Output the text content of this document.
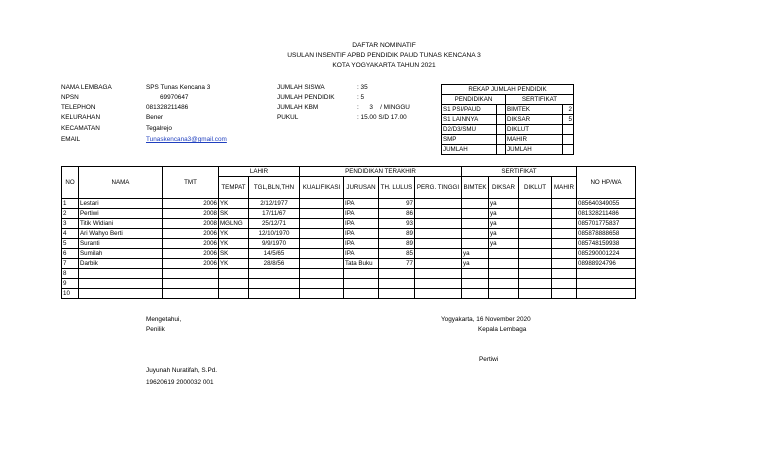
DAFTAR NOMINATIF
USULAN INSENTIF APBD PENDIDIK PAUD TUNAS KENCANA 3
KOTA YOGYAKARTA TAHUN 2021
NAMA LEMBAGA	SPS Tunas Kencana 3
NPSN	69970647
TELEPHON	081328211486
KELURAHAN	Bener
KECAMATAN	Tegalrejo
EMAIL	Tunaskencana3@gmail.com
JUMLAH SISWA	: 35
JUMLAH PENDIDIK	: 5
JUMLAH KBM	:      3    / MINGGU
PUKUL	: 15.00 S/D 17.00
REKAP JUMLAH PENDIDIK			
PENDIDIKAN		SERTIFIKAT	
S1 PSI/PAUD		BIMTEK	2
S1 LAINNYA		DIKSAR	5
D2/D3/SMU		DIKLUT	
SMP		MAHIR	
JUMLAH		JUMLAH	
NO	NAMA	TMT	LAHIR		PENDIDIKAN TERAKHIR				SERTIFIKAT				NO HP/WA
			TEMPAT	TGL,BLN,THN	KUALIFIKASI	JURUSAN	TH. LULUS	PERG. TINGGI	BIMTEK	DIKSAR	DIKLUT	MAHIR	
1	Lestari	2006	YK	2/12/1977		IPA	97			ya			085640349055
2	Pertiwi	2008	SK	17/11/67		IPA	86			ya			081328211486
3	Titik Widiani	2008	MGLNG	25/12/71		IPA	93			ya			085701775837
4	Ari Wahyo Berti	2006	YK	12/10/1970		IPA	89			ya			085878888658
5	Suranti	2006	YK	9/9/1970		IPA	89			ya			085748159938
6	Sumilah	2006	SK	14/5/65		IPA	85		ya				085290001224
7	Darbik	2006	YK	28/8/56		Tata Buku	77		ya				08988924796
8													
9													
10													
Mengetahui,
Penilik
Juyunah Nuratifah, S.Pd.
19620619 2000032 001
Yogyakarta, 16 November 2020
Kepala Lembaga
Pertiwi
